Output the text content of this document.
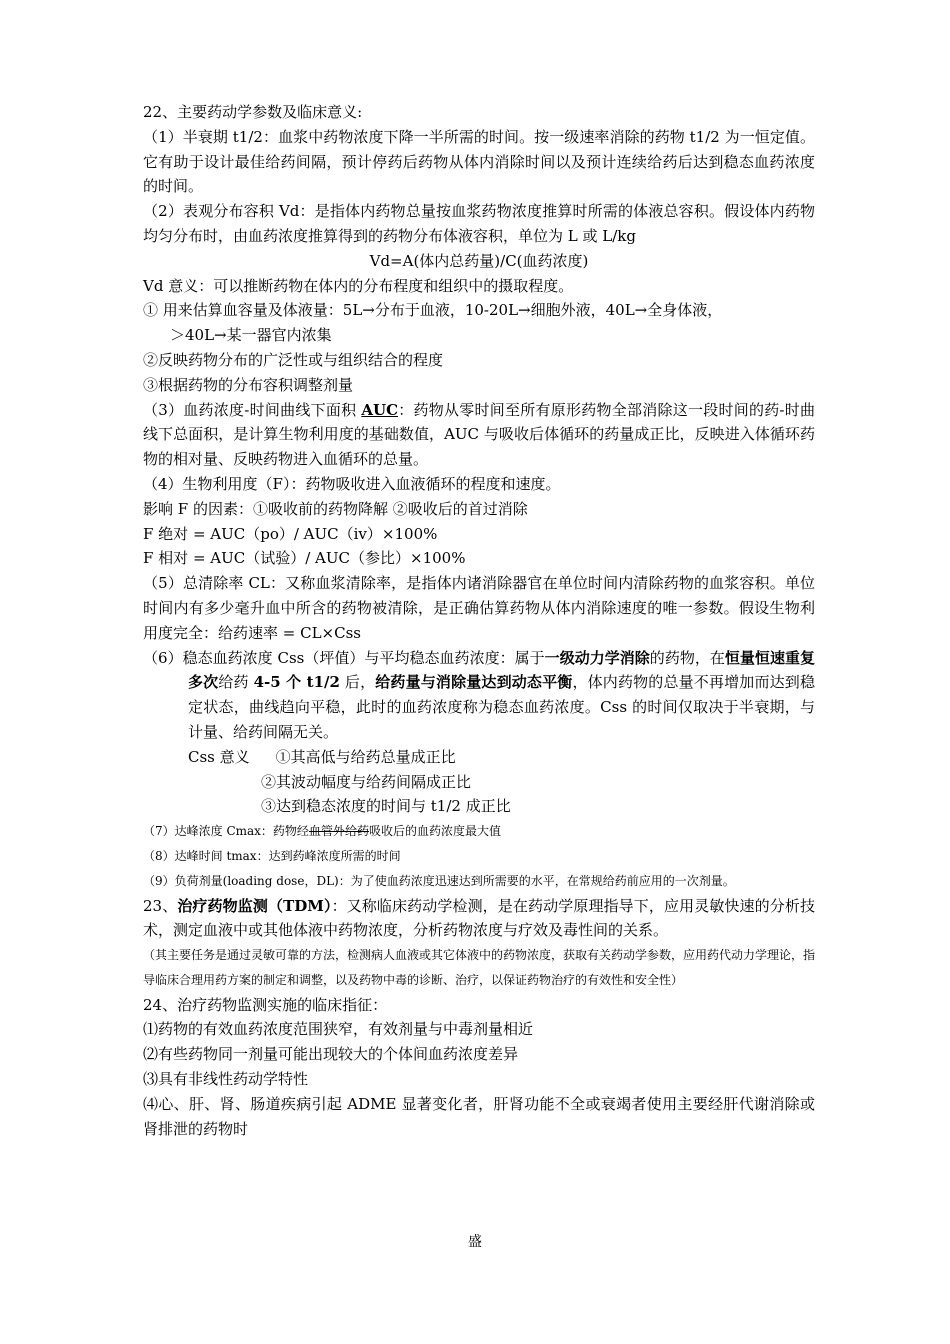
22、主要药动学参数及临床意义:
（1）半衰期 t1/2：血浆中药物浓度下降一半所需的时间。按一级速率消除的药物 t1/2 为一恒定值。它有助于设计最佳给药间隔，预计停药后药物从体内消除时间以及预计连续给药后达到稳态血药浓度的时间。
（2）表观分布容积 Vd：是指体内药物总量按血浆药物浓度推算时所需的体液总容积。假设体内药物均匀分布时，由血药浓度推算得到的药物分布体液容积，单位为 L 或 L/kg
Vd=A(体内总药量)/C(血药浓度)
Vd 意义：可以推断药物在体内的分布程度和组织中的摄取程度。
① 用来估算血容量及体液量：5L→分布于血液，10-20L→细胞外液，40L→全身体液，
＞40L→某一器官内浓集
②反映药物分布的广泛性或与组织结合的程度
③根据药物的分布容积调整剂量
（3）血药浓度-时间曲线下面积 AUC：药物从零时间至所有原形药物全部消除这一段时间的药-时曲线下总面积，是计算生物利用度的基础数值，AUC 与吸收后体循环的药量成正比，反映进入体循环药物的相对量、反映药物进入血循环的总量。
（4）生物利用度（F）：药物吸收进入血液循环的程度和速度。
影响 F 的因素：①吸收前的药物降解 ②吸收后的首过消除
F 绝对 = AUC（po）/ AUC（iv）×100%
F 相对 = AUC（试验）/ AUC（参比）×100%
（5）总清除率 CL：又称血浆清除率，是指体内诸消除器官在单位时间内清除药物的血浆容积。单位时间内有多少毫升血中所含的药物被清除，是正确估算药物从体内消除速度的唯一参数。假设生物利用度完全：给药速率 = CL×Css
（6）稳态血药浓度 Css（坪值）与平均稳态血药浓度：属于一级动力学消除的药物，在恒量恒速重复多次给药 4-5 个 t1/2 后，给药量与消除量达到动态平衡，体内药物的总量不再增加而达到稳定状态，曲线趋向平稳，此时的血药浓度称为稳态血药浓度。Css 的时间仅取决于半衰期，与计量、给药间隔无关。
Css 意义 ①其高低与给药总量成正比
②其波动幅度与给药间隔成正比
③达到稳态浓度的时间与 t1/2 成正比
（7）达峰浓度 Cmax：药物经血管外给药吸收后的血药浓度最大值
（8）达峰时间 tmax：达到药峰浓度所需的时间
（9）负荷剂量(loading dose，DL)：为了使血药浓度迅速达到所需要的水平，在常规给药前应用的一次剂量。
23、治疗药物监测（TDM）：又称临床药动学检测，是在药动学原理指导下，应用灵敏快速的分析技术，测定血液中或其他体液中药物浓度，分析药物浓度与疗效及毒性间的关系。
（其主要任务是通过灵敏可靠的方法，检测病人血液或其它体液中的药物浓度，获取有关药动学参数，应用药代动力学理论，指导临床合理用药方案的制定和调整，以及药物中毒的诊断、治疗，以保证药物治疗的有效性和安全性）
24、治疗药物监测实施的临床指征：
⑴药物的有效血药浓度范围狭窄，有效剂量与中毒剂量相近
⑵有些药物同一剂量可能出现较大的个体间血药浓度差异
⑶具有非线性药动学特性
⑷心、肝、肾、肠道疾病引起 ADME 显著变化者，肝肾功能不全或衰竭者使用主要经肝代谢消除或肾排泄的药物时
盛
